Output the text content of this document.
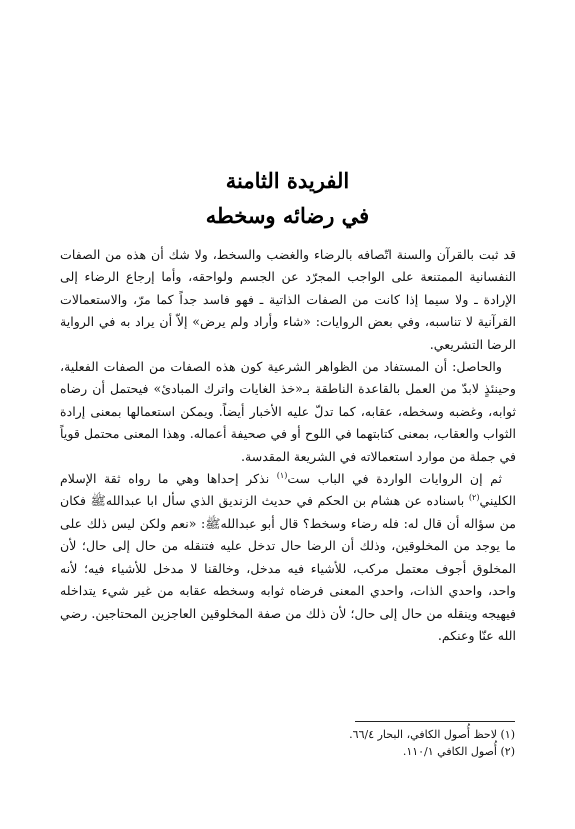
الفريدة الثامنة
في رضائه وسخطه

قد ثبت بالقرآن والسنة اتّصافه بالرضاء والغضب والسخط، ولا شك أن هذه من الصفات النفسانية الممتنعة على الواجب المجرّد عن الجسم ولواحقه، وأما إرجاع الرضاء إلى الإرادة ـ ولا سيما إذا كانت من الصفات الذاتية ـ فهو فاسد جداً كما مرّ، والاستعمالات القرآنية لا تناسبه، وفي بعض الروايات: «شاء وأراد ولم يرض» إلاّ أن يراد به في الرواية الرضا التشريعي.

والحاصل: أن المستفاد من الظواهر الشرعية كون هذه الصفات من الصفات الفعلية، وحينئذٍ لابدّ من العمل بالقاعدة الناطقة بـ«خذ الغايات واترك المبادئ» فيحتمل أن رضاه ثوابه، وغضبه وسخطه، عقابه، كما تدلّ عليه الأخبار أيضاً. ويمكن استعمالها بمعنى إرادة الثواب والعقاب، بمعنى كتابتهما في اللوح أو في صحيفة أعماله. وهذا المعنى محتمل قوياً في جملة من موارد استعمالاته في الشريعة المقدسة.

ثم إن الروايات الواردة في الباب ست$^{(١)}$ نذكر إحداها وهي ما رواه ثقة الإسلام الكليني$^{(٢)}$ باسناده عن هشام بن الحكم في حديث الزنديق الذي سأل ابا عبدالله‌ﷺ فكان من سؤاله أن قال له: فله رضاء وسخط؟ قال أبو عبدالله‌ﷺ: «نعم ولكن ليس ذلك على ما يوجد من المخلوقين، وذلك أن الرضا حال تدخل عليه فتنقله من حال إلى حال؛ لأن المخلوق أجوف معتمل مركب، للأشياء فيه مدخل، وخالقنا لا مدخل للأشياء فيه؛ لأنه واحد، واحدي الذات، واحدي المعنى فرضاه ثوابه وسخطه عقابه من غير شيء يتداخله فيهيجه وينقله من حال إلى حال؛ لأن ذلك من صفة المخلوقين العاجزين المحتاجين. رضي الله عنّا وعنكم.

(١) لاحظ أُصول الكافي، البحار ٦٦/٤.
(٢) أُصول الكافي ١١٠/١.
